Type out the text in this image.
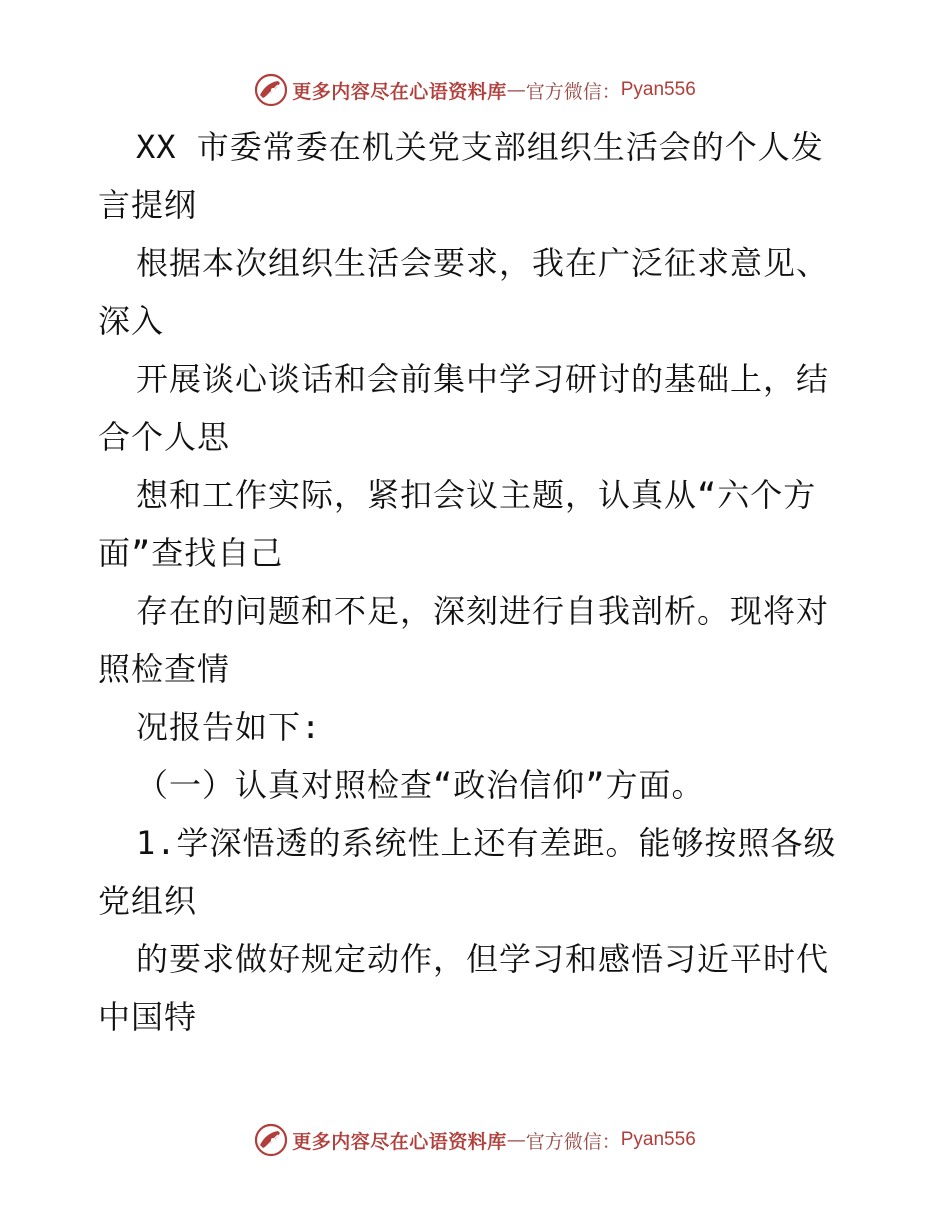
更多内容尽在心语资料库 — 官方微信： Pyan556
XX 市委常委在机关党支部组织生活会的个人发
言提纲
根据本次组织生活会要求，我在广泛征求意见、
深入
开展谈心谈话和会前集中学习研讨的基础上，结
合个人思
想和工作实际，紧扣会议主题，认真从“六个方
面”查找自己
存在的问题和不足，深刻进行自我剖析。现将对
照检查情
况报告如下:
（一）认真对照检查“政治信仰”方面。
1.学深悟透的系统性上还有差距。能够按照各级
党组织
的要求做好规定动作，但学习和感悟习近平时代
中国特
更多内容尽在心语资料库 — 官方微信： Pyan556
